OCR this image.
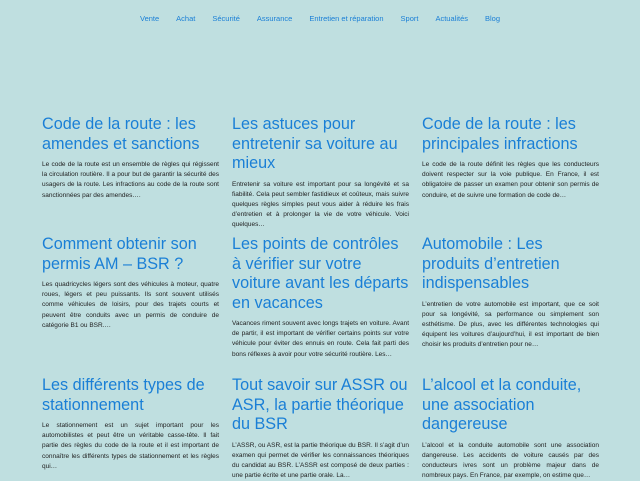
Vente Achat Sécurité Assurance Entretien et réparation Sport Actualités Blog
Code de la route : les amendes et sanctions

Le code de la route est un ensemble de règles qui régissent la circulation routière. Il a pour but de garantir la sécurité des usagers de la route. Les infractions au code de la route sont sanctionnées par des amendes….

Les astuces pour entretenir sa voiture au mieux

Entretenir sa voiture est important pour sa longévité et sa fiabilité. Cela peut sembler fastidieux et coûteux, mais suivre quelques règles simples peut vous aider à réduire les frais d’entretien et à prolonger la vie de votre véhicule. Voici quelques…

Code de la route : les principales infractions

Le code de la route définit les règles que les conducteurs doivent respecter sur la voie publique. En France, il est obligatoire de passer un examen pour obtenir son permis de conduire, et de suivre une formation de code de…

Comment obtenir son permis AM – BSR ?

Les quadricycles légers sont des véhicules à moteur, quatre roues, légers et peu puissants. Ils sont souvent utilisés comme véhicules de loisirs, pour des trajets courts et peuvent être conduits avec un permis de conduire de catégorie B1 ou BSR.…

Les points de contrôles à vérifier sur votre voiture avant les départs en vacances

Vacances riment souvent avec longs trajets en voiture. Avant de partir, il est important de vérifier certains points sur votre véhicule pour éviter des ennuis en route. Cela fait parti des bons réflexes à avoir pour votre sécurité routière. Les…

Automobile : Les produits d’entretien indispensables

L’entretien de votre automobile est important, que ce soit pour sa longévité, sa performance ou simplement son esthétisme. De plus, avec les différentes technologies qui équipent les voitures d’aujourd’hui, il est important de bien choisir les produits d’entretien pour ne…

Les différents types de stationnement

Le stationnement est un sujet important pour les automobilistes et peut être un véritable casse-tête. Il fait partie des règles du code de la route et il est important de connaître les différents types de stationnement et les règles qui…

Tout savoir sur ASSR ou ASR, la partie théorique du BSR

L’ASSR, ou ASR, est la partie théorique du BSR. Il s’agit d’un examen qui permet de vérifier les connaissances théoriques du candidat au BSR. L’ASSR est composé de deux parties : une partie écrite et une partie orale. La…

L’alcool et la conduite, une association dangereuse

L’alcool et la conduite automobile sont une association dangereuse. Les accidents de voiture causés par des conducteurs ivres sont un problème majeur dans de nombreux pays. En France, par exemple, on estime que…
